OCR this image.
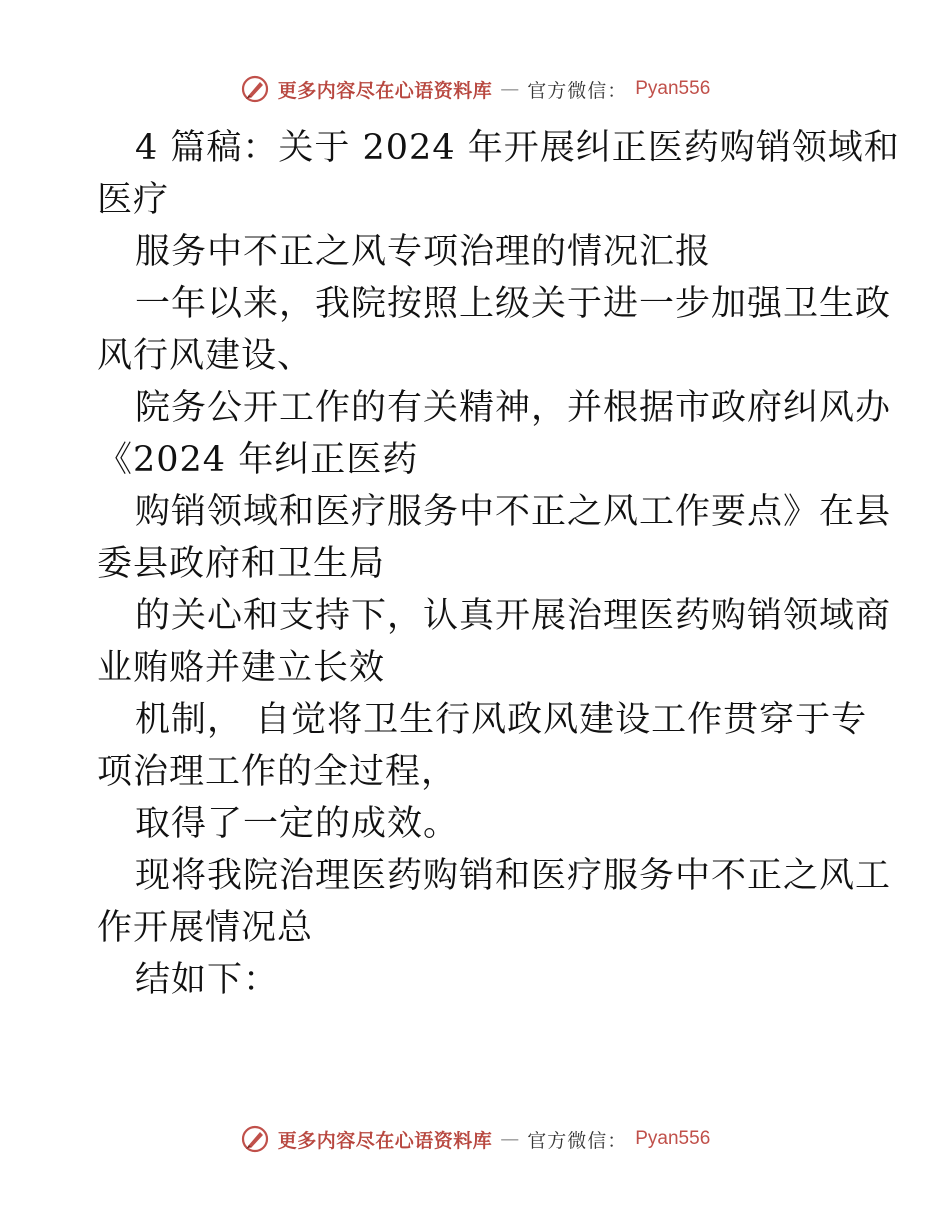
更多内容尽在心语资料库 — 官方微信： Pyan556
4 篇稿：关于 2024 年开展纠正医药购销领域和
医疗
服务中不正之风专项治理的情况汇报
一年以来，我院按照上级关于进一步加强卫生政
风行风建设、
院务公开工作的有关精神，并根据市政府纠风办
《2024 年纠正医药
购销领域和医疗服务中不正之风工作要点》在县
委县政府和卫生局
的关心和支持下，认真开展治理医药购销领域商
业贿赂并建立长效
机制， 自觉将卫生行风政风建设工作贯穿于专
项治理工作的全过程，
取得了一定的成效。
现将我院治理医药购销和医疗服务中不正之风工
作开展情况总
结如下：
更多内容尽在心语资料库 — 官方微信： Pyan556
